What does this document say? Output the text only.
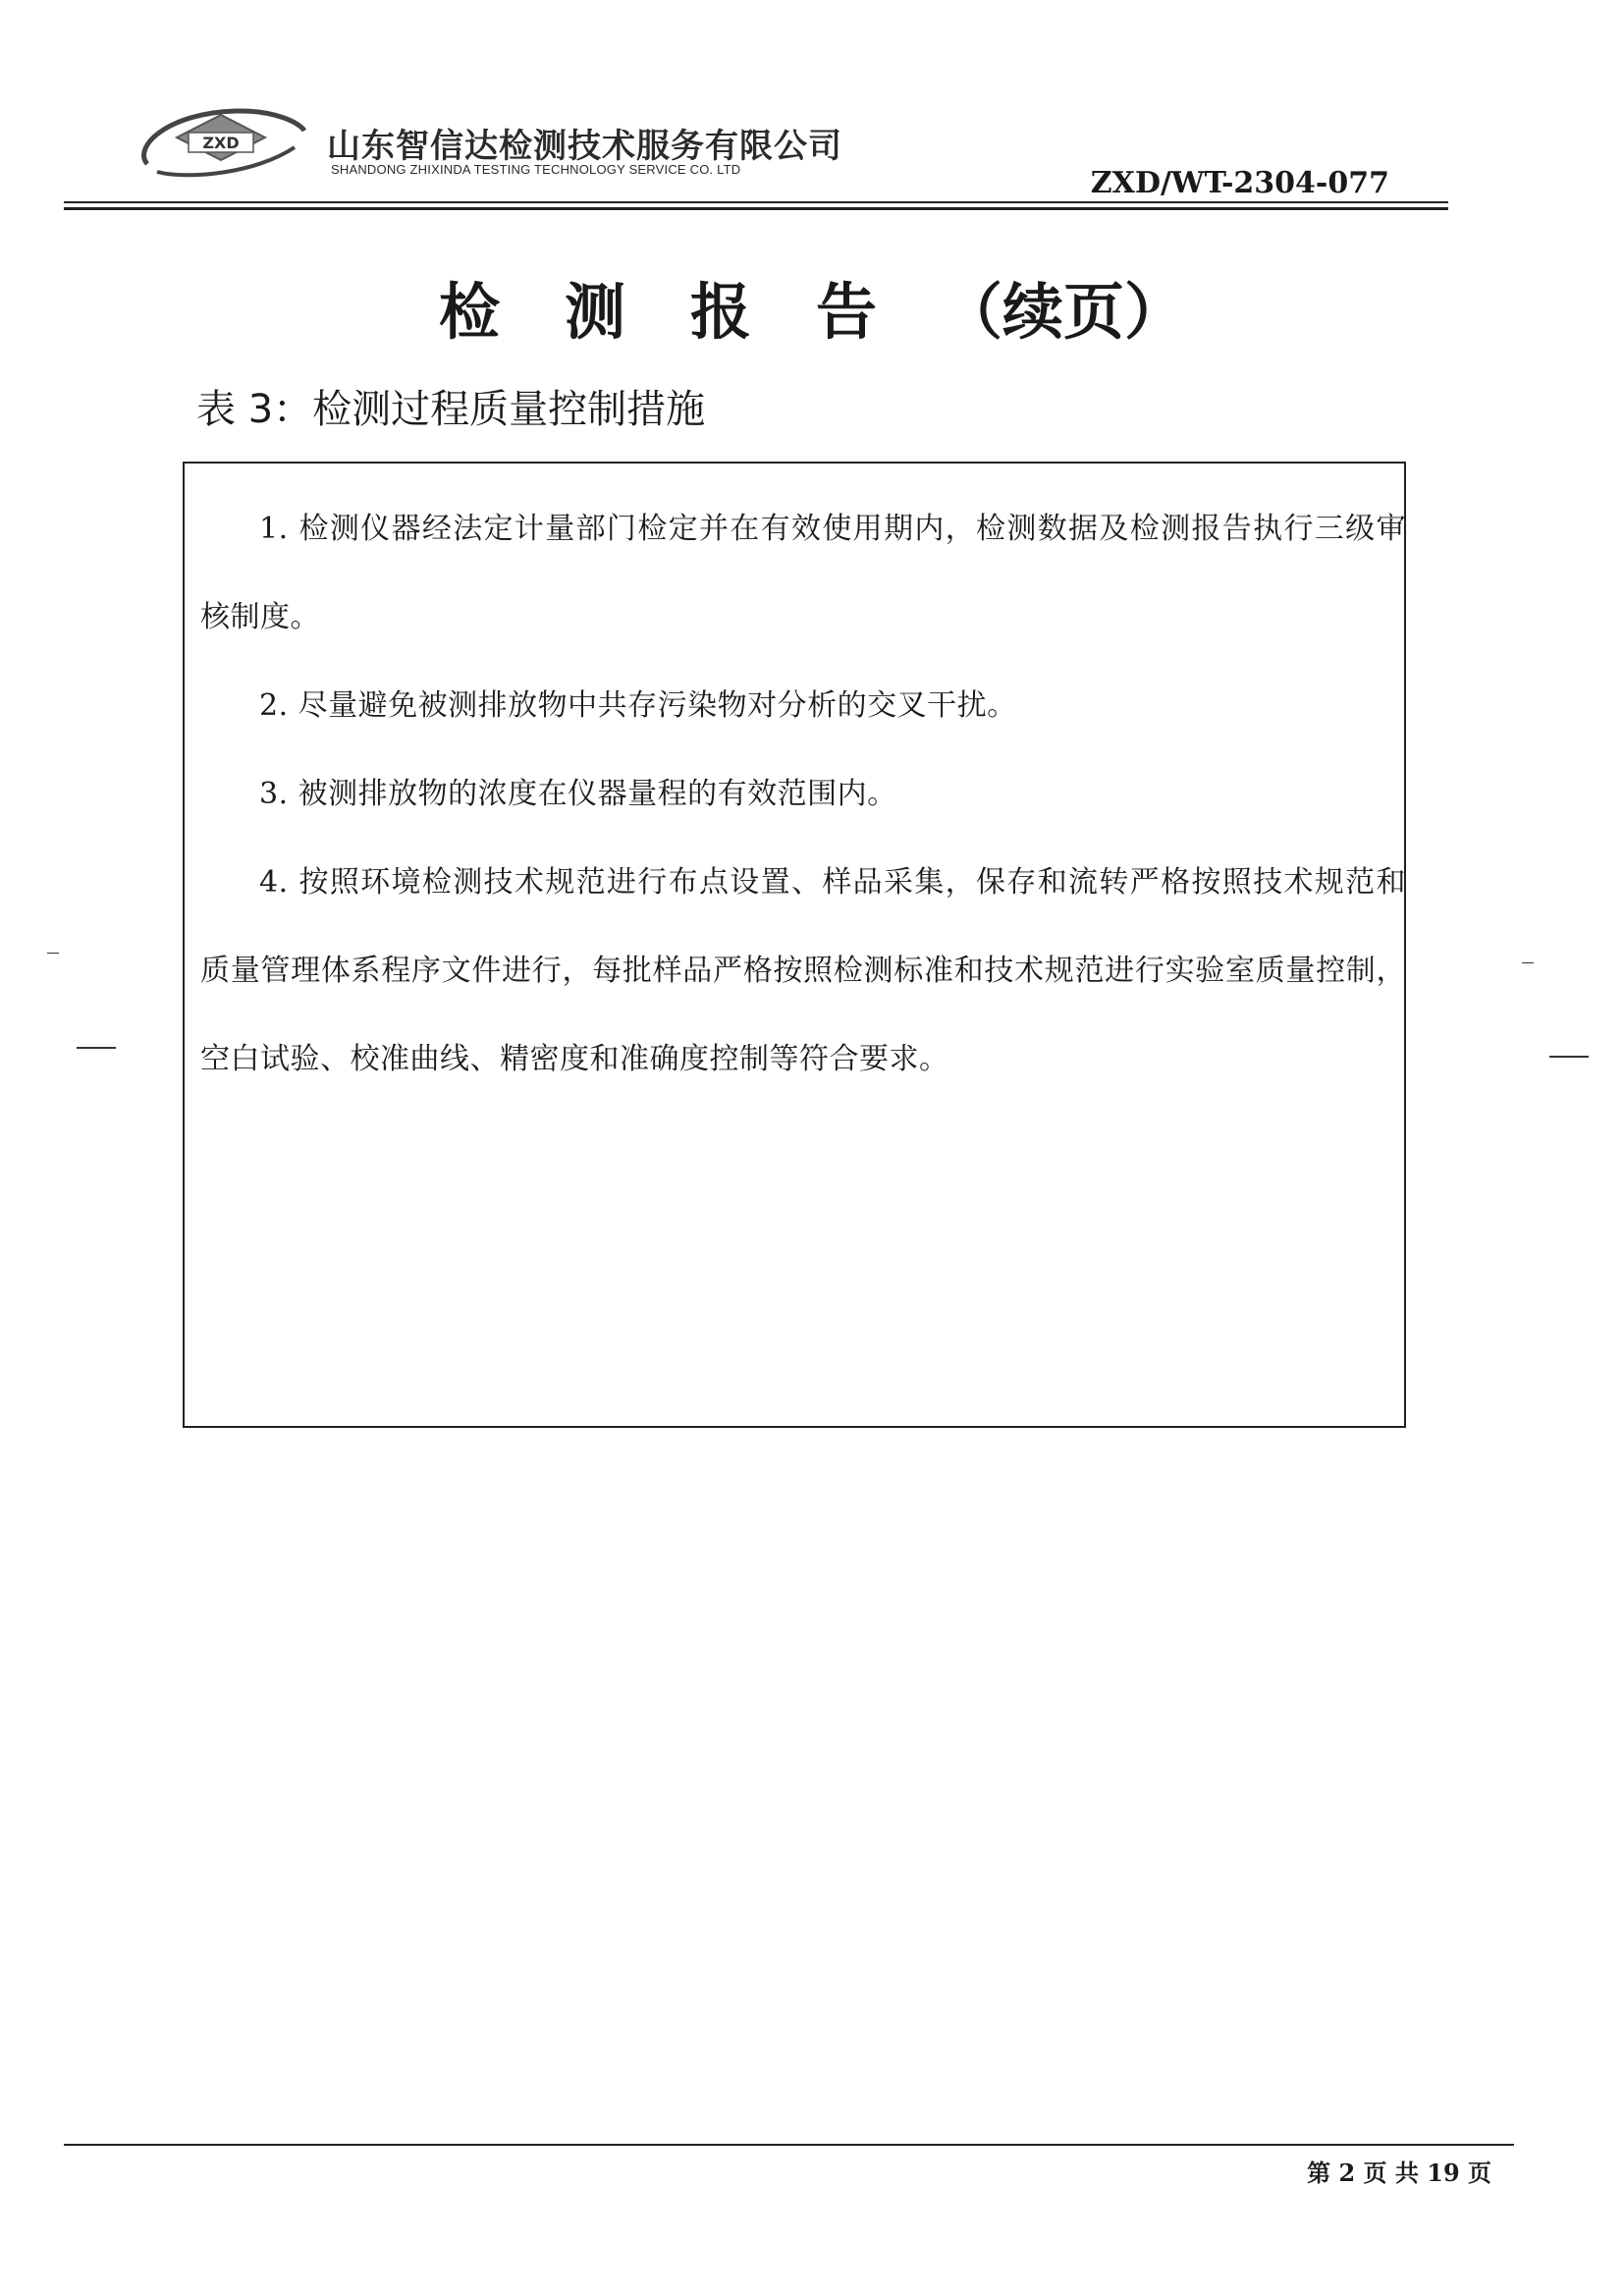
ZXD	山东智信达检测技术服务有限公司
SHANDONG ZHIXINDA TESTING TECHNOLOGY SERVICE CO. LTD	ZXD/WT-2304-077
检 测 报 告 （续页）
表 3：检测过程质量控制措施

1. 检测仪器经法定计量部门检定并在有效使用期内，检测数据及检测报告执行三级审核制度。

2. 尽量避免被测排放物中共存污染物对分析的交叉干扰。

3. 被测排放物的浓度在仪器量程的有效范围内。

4. 按照环境检测技术规范进行布点设置、样品采集，保存和流转严格按照技术规范和质量管理体系程序文件进行，每批样品严格按照检测标准和技术规范进行实验室质量控制，空白试验、校准曲线、精密度和准确度控制等符合要求。

第 2 页 共 19 页
